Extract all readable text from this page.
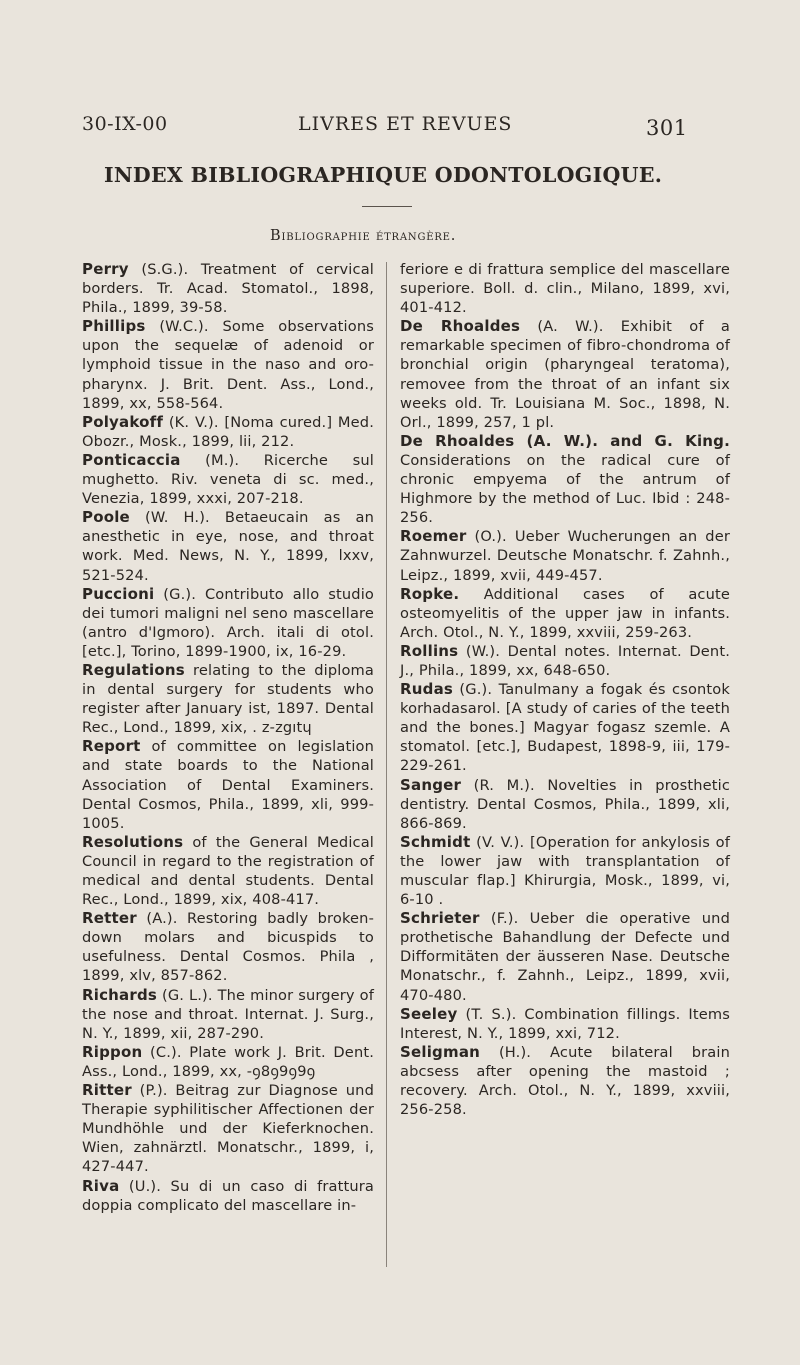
30-IX-00	LIVRES ET REVUES	301
INDEX BIBLIOGRAPHIQUE ODONTOLOGIQUE.
Bibliographie étrangère.

Perry (S.G.). Treatment of cervical borders. Tr. Acad. Stomatol., 1898, Phila., 1899, 39-58.

Phillips (W.C.). Some observations upon the sequelæ of adenoid or lymphoid tissue in the naso and oro-pharynx. J. Brit. Dent. Ass., Lond., 1899, xx, 558-564.

Polyakoff (K. V.). [Noma cured.] Med. Obozr., Mosk., 1899, lii, 212.

Ponticaccia (M.). Ricerche sul mughetto. Riv. veneta di sc. med., Venezia, 1899, xxxi, 207-218.

Poole (W. H.). Betaeucain as an anesthetic in eye, nose, and throat work. Med. News, N. Y., 1899, lxxv, 521-524.

Puccioni (G.). Contributo allo studio dei tumori maligni nel seno mascellare (antro d'Igmoro). Arch. itali di otol. [etc.], Torino, 1899-1900, ix, 16-29.

Regulations relating to the diploma in dental surgery for students who register after January ist, 1897. Dental Rec., Lond., 1899, xix, . z-zgıtɥ

Report of committee on legislation and state boards to the National Association of Dental Examiners. Dental Cosmos, Phila., 1899, xli, 999-1005.

Resolutions of the General Medical Council in regard to the registration of medical and dental students. Dental Rec., Lond., 1899, xix, 408-417.

Retter (A.). Restoring badly broken-down molars and bicuspids to usefulness. Dental Cosmos. Phila , 1899, xlv, 857-862.

Richards (G. L.). The minor surgery of the nose and throat. Internat. J. Surg., N. Y., 1899, xii, 287-290.

Rippon (C.). Plate work J. Brit. Dent. Ass., Lond., 1899, xx, -ꝯ8ꝯ9ꝯ9ꝯ

Ritter (P.). Beitrag zur Diagnose und Therapie syphilitischer Affectionen der Mundhöhle und der Kieferknochen. Wien, zahnärztl. Monatschr., 1899, i, 427-447.

Riva (U.). Su di un caso di frattura doppia complicato del mascellare in-

feriore e di frattura semplice del mascellare superiore. Boll. d. clin., Milano, 1899, xvi, 401-412.

De Rhoaldes (A. W.). Exhibit of a remarkable specimen of fibro-chondroma of bronchial origin (pharyngeal teratoma), removee from the throat of an infant six weeks old. Tr. Louisiana M. Soc., 1898, N. Orl., 1899, 257, 1 pl.

De Rhoaldes (A. W.). and G. King. Considerations on the radical cure of chronic empyema of the antrum of Highmore by the method of Luc. Ibid : 248-256.

Roemer (O.). Ueber Wucherungen an der Zahnwurzel. Deutsche Monatschr. f. Zahnh., Leipz., 1899, xvii, 449-457.

Ropke. Additional cases of acute osteomyelitis of the upper jaw in infants. Arch. Otol., N. Y., 1899, xxviii, 259-263.

Rollins (W.). Dental notes. Internat. Dent. J., Phila., 1899, xx, 648-650.

Rudas (G.). Tanulmany a fogak és csontok korhadasarol. [A study of caries of the teeth and the bones.] Magyar fogasz szemle. A stomatol. [etc.], Budapest, 1898-9, iii, 179-229-261.

Sanger (R. M.). Novelties in prosthetic dentistry. Dental Cosmos, Phila., 1899, xli, 866-869.

Schmidt (V. V.). [Operation for ankylosis of the lower jaw with transplantation of muscular flap.] Khirurgia, Mosk., 1899, vi, 6-10 .

Schrieter (F.). Ueber die operative und prothetische Bahandlung der Defecte und Difformitäten der äusseren Nase. Deutsche Monatschr., f. Zahnh., Leipz., 1899, xvii, 470-480.

Seeley (T. S.). Combination fillings. Items Interest, N. Y., 1899, xxi, 712.

Seligman (H.). Acute bilateral brain abcsess after opening the mastoid ; recovery. Arch. Otol., N. Y., 1899, xxviii, 256-258.
